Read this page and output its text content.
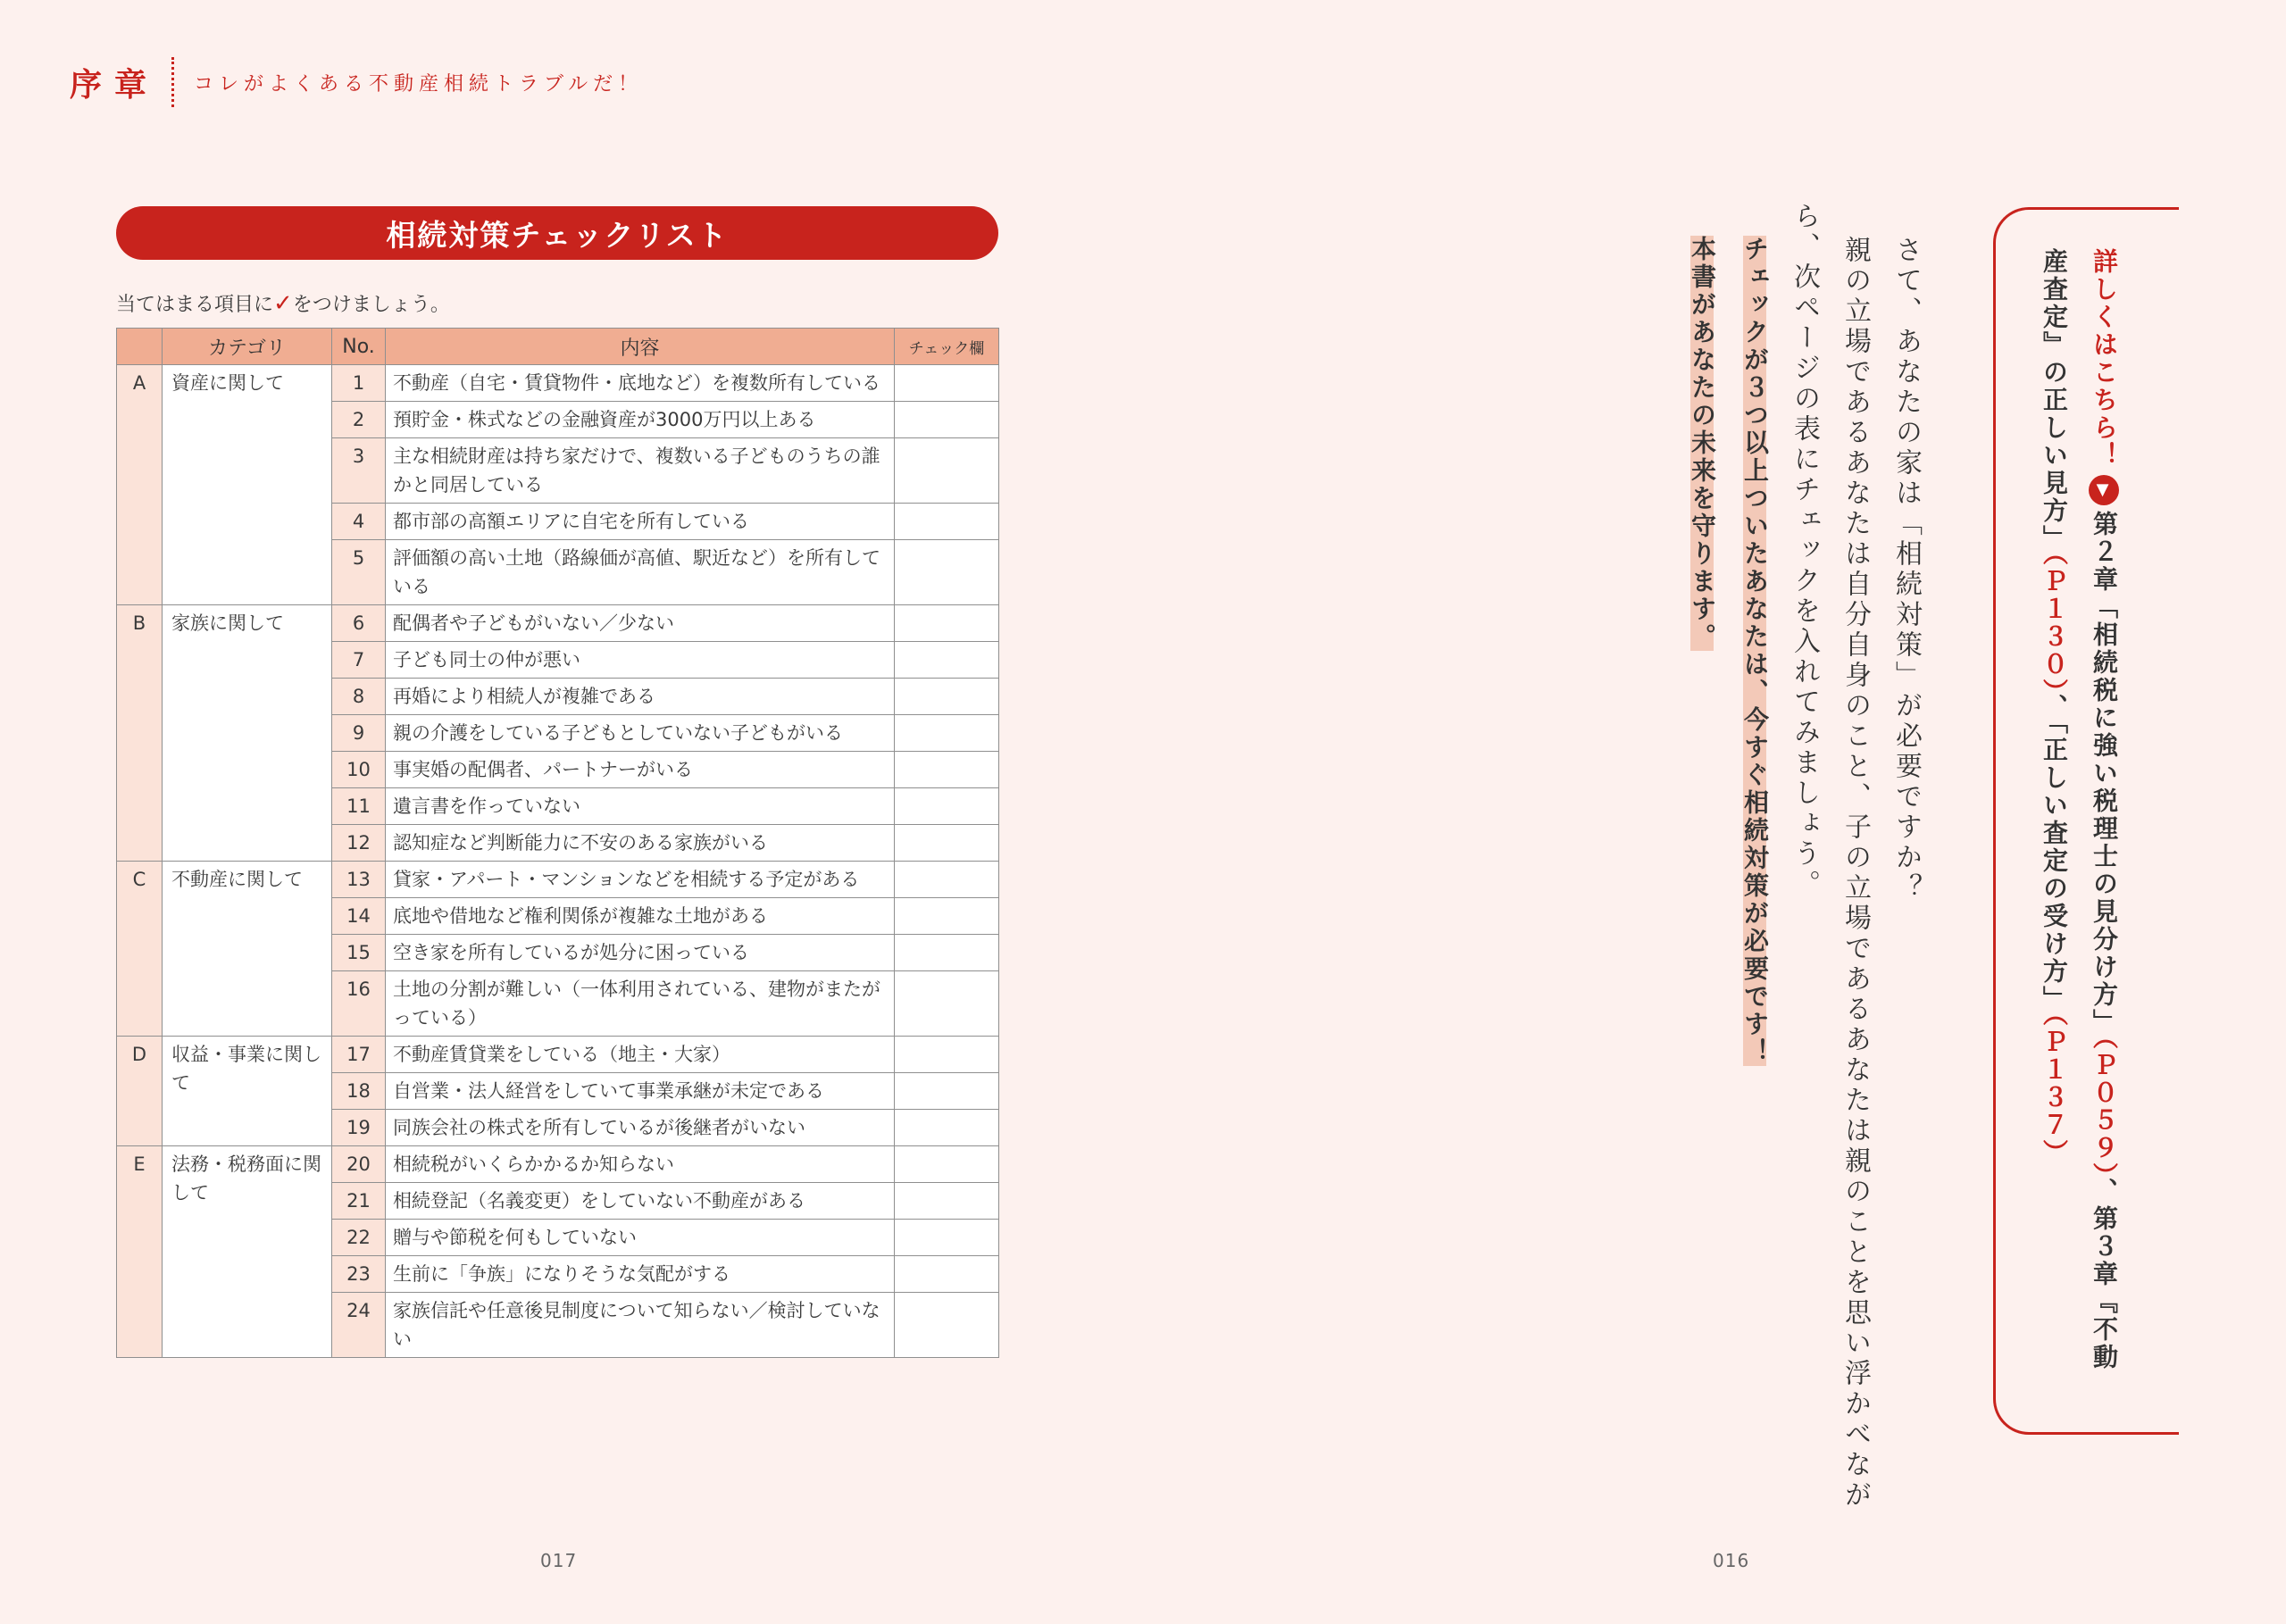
序章 コレがよくある不動産相続トラブルだ！
相続対策チェックリスト
当てはまる項目に✓をつけましょう。
	カテゴリ	No.	内容	チェック欄
A	資産に関して	1	不動産（自宅・賃貸物件・底地など）を複数所有している	
		2	預貯金・株式などの金融資産が3000万円以上ある	
		3	主な相続財産は持ち家だけで、複数いる子どものうちの誰かと同居している	
		4	都市部の高額エリアに自宅を所有している	
		5	評価額の高い土地（路線価が高値、駅近など）を所有している	
B	家族に関して	6	配偶者や子どもがいない／少ない	
		7	子ども同士の仲が悪い	
		8	再婚により相続人が複雑である	
		9	親の介護をしている子どもとしていない子どもがいる	
		10	事実婚の配偶者、パートナーがいる	
		11	遺言書を作っていない	
		12	認知症など判断能力に不安のある家族がいる	
C	不動産に関して	13	貸家・アパート・マンションなどを相続する予定がある	
		14	底地や借地など権利関係が複雑な土地がある	
		15	空き家を所有しているが処分に困っている	
		16	土地の分割が難しい（一体利用されている、建物がまたがっている）	
D	収益・事業に関して	17	不動産賃貸業をしている（地主・大家）	
		18	自営業・法人経営をしていて事業承継が未定である	
		19	同族会社の株式を所有しているが後継者がいない	
E	法務・税務面に関して	20	相続税がいくらかかるか知らない	
		21	相続登記（名義変更）をしていない不動産がある	
		22	贈与や節税を何もしていない	
		23	生前に「争族」になりそうな気配がする	
		24	家族信託や任意後見制度について知らない／検討していない	
017	016
さて、あなたの家は「相続対策」が必要ですか？
親の立場であるあなたは自分自身のこと、子の立場であるあなたは親のことを思い浮かべなが
ら、次ページの表にチェックを入れてみましょう。
チェックが３つ以上ついたあなたは、今すぐ相続対策が必要です！
本書があなたの未来を守ります。	詳しくはこちら！▼第２章「相続税に強い税理士の見分け方」（Ｐ０５９）、第３章『不動
産査定』の正しい見方」（Ｐ１３０）、「正しい査定の受け方」（Ｐ１３７）
